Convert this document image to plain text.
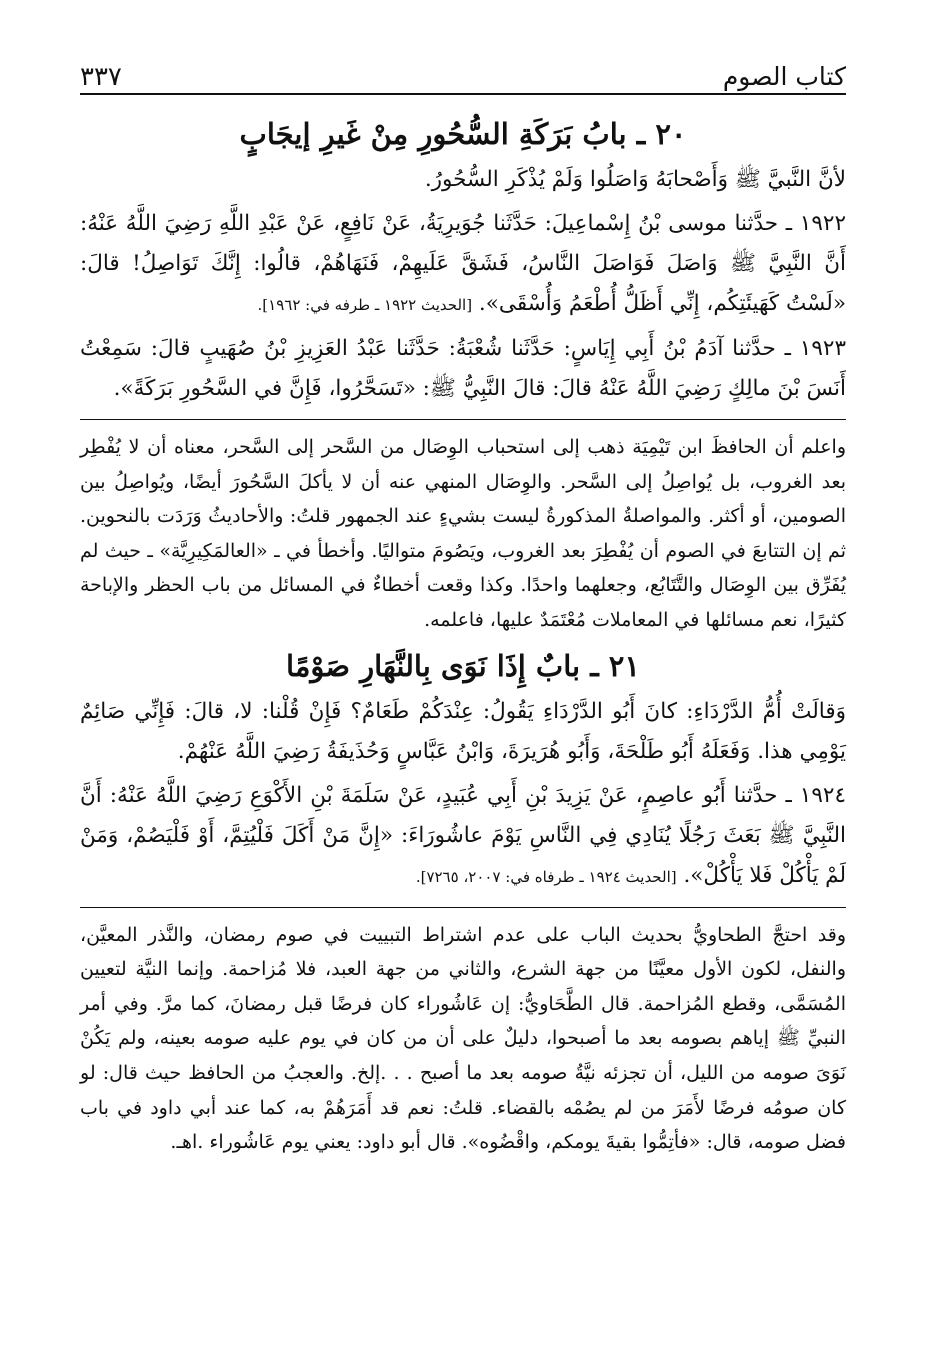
كتاب الصوم
٣٣٧
٢٠ ـ بابُ بَرَكَةِ السُّحُورِ مِنْ غَيرِ إيجَابٍ

لأنَّ النَّبيَّ ﷺ وَأَصْحابَهُ وَاصَلُوا وَلَمْ يُذْكَرِ السُّحُورُ.

١٩٢٢ ـ حدَّثنا موسى بْنُ إِسْماعِيلَ: حَدَّثَنا جُوَيرِيَةُ، عَنْ نَافِعٍ، عَنْ عَبْدِ اللَّهِ رَضِيَ اللَّهُ عَنْهُ: أَنَّ النَّبِيَّ ﷺ وَاصَلَ فَوَاصَلَ النَّاسُ، فَشَقَّ عَلَيهِمْ، فَنَهَاهُمْ، قالُوا: إِنَّكَ تَوَاصِلُ! قالَ: «لَسْتُ كَهَيئَتِكُم، إِنِّي أَظَلُّ أُطْعَمُ وَأُسْقَى». [الحديث ١٩٢٢ ـ طرفه في: ١٩٦٢].

١٩٢٣ ـ حدَّثنا آدَمُ بْنُ أَبِي إِيَاسٍ: حَدَّثَنا شُعْبَةُ: حَدَّثَنا عَبْدُ العَزِيزِ بْنُ صُهَيبٍ قالَ: سَمِعْتُ أَنَسَ بْنَ مالِكٍ رَضِيَ اللَّهُ عَنْهُ قالَ: قالَ النَّبِيُّ ﷺ: «تَسَحَّرُوا، فَإِنَّ في السَّحُورِ بَرَكَةً».

واعلم أن الحافظَ ابن تَيْمِيَة ذهب إلى استحباب الوِصَال من السَّحر إلى السَّحر، معناه أن لا يُفْطِر بعد الغروب، بل يُواصِلُ إلى السَّحر. والوِصَال المنهي عنه أن لا يأكلَ السَّحُورَ أيضًا، ويُواصِلُ بين الصومين، أو أكثر. والمواصلةُ المذكورةُ ليست بشيءٍ عند الجمهور قلتُ: والأحاديثُ وَرَدَت بالنحوين. ثم إن التتابعَ في الصوم أن يُفْطِرَ بعد الغروب، ويَصُومَ متواليًا. وأخطأ في ـ «العالمَكِيرِيَّة» ـ حيث لم يُفَرِّق بين الوِصَال والتَّتَابُع، وجعلهما واحدًا. وكذا وقعت أخطاءٌ في المسائل من باب الحظر والإباحة كثيرًا، نعم مسائلها في المعاملات مُعْتَمَدٌ عليها، فاعلمه.

٢١ ـ بابٌ إِذَا نَوَى بِالنَّهَارِ صَوْمًا

وَقالَتْ أُمُّ الدَّرْدَاءِ: كانَ أَبُو الدَّرْدَاءِ يَقُولُ: عِنْدَكُمْ طَعَامٌ؟ فَإِنْ قُلْنا: لا، قالَ: فَإِنِّي صَائِمٌ يَوْمِي هذا. وَفَعَلَهُ أَبُو طَلْحَةَ، وَأَبُو هُرَيرَةَ، وَابْنُ عَبَّاسٍ وَحُذَيفَةُ رَضِيَ اللَّهُ عَنْهُمْ.

١٩٢٤ ـ حدَّثنا أَبُو عاصِمٍ، عَنْ يَزِيدَ بْنِ أَبِي عُبَيدٍ، عَنْ سَلَمَةَ بْنِ الأَكْوَعِ رَضِيَ اللَّهُ عَنْهُ: أَنَّ النَّبِيَّ ﷺ بَعَثَ رَجُلًا يُنَادِي فِي النَّاسِ يَوْمَ عاشُورَاءَ: «إِنَّ مَنْ أَكَلَ فَلْيُتِمَّ، أَوْ فَلْيَصُمْ، وَمَنْ لَمْ يَأْكُلْ فَلا يَأْكُلْ». [الحديث ١٩٢٤ ـ طرفاه في: ٢٠٠٧، ٧٢٦٥].

وقد احتجَّ الطحاويُّ بحديث الباب على عدم اشتراط التبييت في صوم رمضان، والنَّذر المعيَّن، والنفل، لكون الأول معيَّنًا من جهة الشرع، والثاني من جهة العبد، فلا مُزاحمة. وإنما النيَّة لتعيين المُسَمَّى، وقطع المُزاحمة. قال الطَّحَاويُّ: إن عَاشُوراء كان فرضًا قبل رمضانَ، كما مرَّ. وفي أمر النبيِّ ﷺ إياهم بصومه بعد ما أصبحوا، دليلٌ على أن من كان في يوم عليه صومه بعينه، ولم يَكُنْ نَوَىَ صومه من الليل، أن تجزئه نيَّةُ صومه بعد ما أصبح . . .إلخ. والعجبُ من الحافظ حيث قال: لو كان صومُه فرضًا لأَمَرَ من لم يصُمْه بالقضاء. قلتُ: نعم قد أَمَرَهُمْ به، كما عند أبي داود في باب فضل صومه، قال: «فأتِمُّوا بقيةَ يومكم، واقْضُوه». قال أبو داود: يعني يوم عَاشُوراء .اهـ.
